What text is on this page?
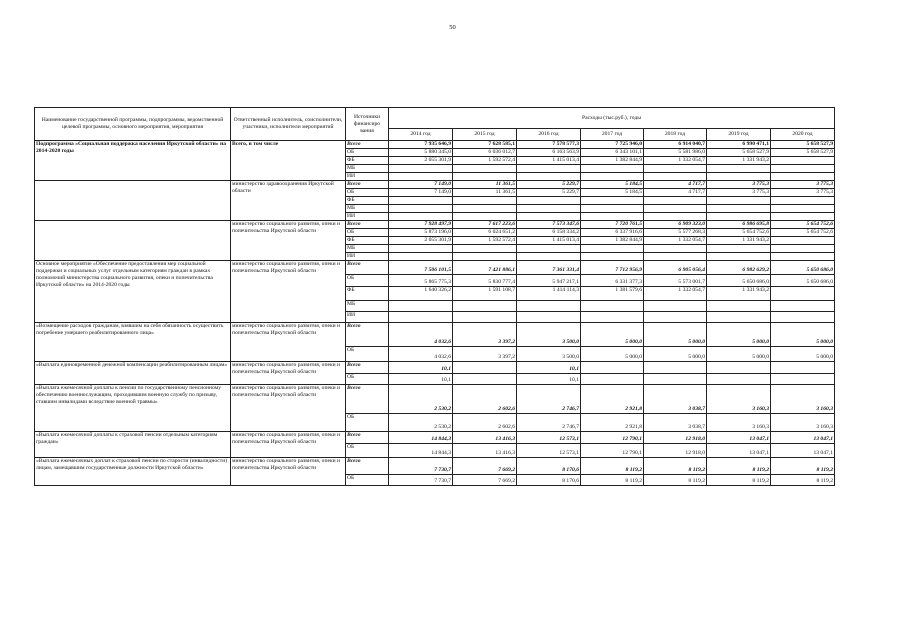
50
Наименование государственной программы, подпрограммы, ведомственной целевой программы, основного мероприятия, мероприятия	Ответственный исполнитель, соисполнители, участники, исполнители мероприятий	Источники финансиро вания	Расходы (тыс.руб.), годы						
			2014 год	2015 год	2016 год	2017 год	2018 год	2019 год	2020 год
Подпрограмма «Социальная поддержка населения Иркутской области» на 2014-2020 годы	Всего, в том числе	Всего	7 935 646,9	7 628 585,1	7 578 577,3	7 725 946,0	6 914 040,7	6 990 471,1	5 658 527,9
		ОБ	5 880 345,0	6 036 012,7	6 163 563,9	6 343 101,1	5 581 986,0	5 658 527,9	5 658 527,9
		ФБ	2 055 301,9	1 592 572,4	1 415 013,4	1 382 844,9	1 332 054,7	1 331 943,2	
		МБ							
		ИИ							
	министерство здравоохранения Иркутской области	Всего	7 149,0	11 361,5	5 229,7	5 184,5	4 717,7	3 775,3	3 775,3
		ОБ	7 149,0	11 361,5	5 229,7	5 184,5	4 717,7	3 775,3	3 775,3
		ФБ							
		МБ							
		ИИ							
	министерство социального развития, опеки и попечительства Иркутской области	Всего	7 928 497,9	7 617 223,6	7 573 347,6	7 720 761,5	6 909 323,0	6 986 695,8	5 654 752,6
		ОБ	5 873 196,0	6 024 651,2	6 158 334,2	6 337 916,6	5 577 268,3	5 654 752,6	5 654 752,6
		ФБ	2 055 301,9	1 592 572,4	1 415 013,4	1 382 844,9	1 332 054,7	1 331 943,2	
		МБ							
		ИИ							
Основное мероприятие «Обеспечение предоставления мер социальной поддержки и социальных услуг отдельным категориям граждан в рамках полномочий министерства социального развития, опеки и попечительства Иркутской области» на 2014-2020 годы	министерство социального развития, опеки и попечительства Иркутской области	Всего	7 506 101,5	7 421 886,1	7 361 331,4	7 712 956,9	6 905 056,4	6 982 629,2	5 650 686,0
		ОБ	5 865 775,3	5 830 777,4	5 947 217,1	6 331 377,3	5 573 001,7	5 650 686,0	5 650 686,0
		ФБ	1 640 326,2	1 591 108,7	1 414 114,3	1 381 579,6	1 332 054,7	1 331 943,2	
		МБ							
		ИИ							
«Возмещение расходов гражданам, взявшим на себя обязанность осуществить погребение умершего реабилитированного лица»	министерство социального развития, опеки и попечительства Иркутской области	Всего	4 032,6	3 397,2	3 500,0	5 000,0	5 000,0	5 000,0	5 000,0
		ОБ	4 032,6	3 397,2	3 500,0	5 000,0	5 000,0	5 000,0	5 000,0
«Выплата единовременной денежной компенсации реабилитированным лицам»	министерство социального развития, опеки и попечительства Иркутской области	Всего	10,1		10,1				
		ОБ	10,1		10,1				
«Выплата ежемесячной доплаты к пенсии по государственному пенсионному обеспечению военнослужащим, проходившим военную службу по призыву, ставшим инвалидами вследствие военной травмы»	министерство социального развития, опеки и попечительства Иркутской области	Всего	2 530,2	2 602,6	2 746,7	2 921,8	3 038,7	3 160,3	3 160,3
		ОБ	2 530,2	2 602,6	2 746,7	2 921,8	3 038,7	3 160,3	3 160,3
«Выплата ежемесячной доплаты к страховой пенсии отдельным категориям граждан»	министерство социального развития, опеки и попечительства Иркутской области	Всего	14 844,3	13 416,3	12 573,1	12 790,1	12 918,0	13 047,1	13 047,1
		ОБ	14 844,3	13 416,3	12 573,1	12 790,1	12 918,0	13 047,1	13 047,1
«Выплата ежемесячных доплат к страховой пенсии по старости (инвалидности) лицам, замещавшим государственные должности Иркутской области»	министерство социального развития, опеки и попечительства Иркутской области	Всего	7 730,7	7 669,2	8 170,6	8 119,2	8 119,2	8 119,2	8 119,2
		ОБ	7 730,7	7 669,2	8 170,6	8 119,2	8 119,2	8 119,2	8 119,2
